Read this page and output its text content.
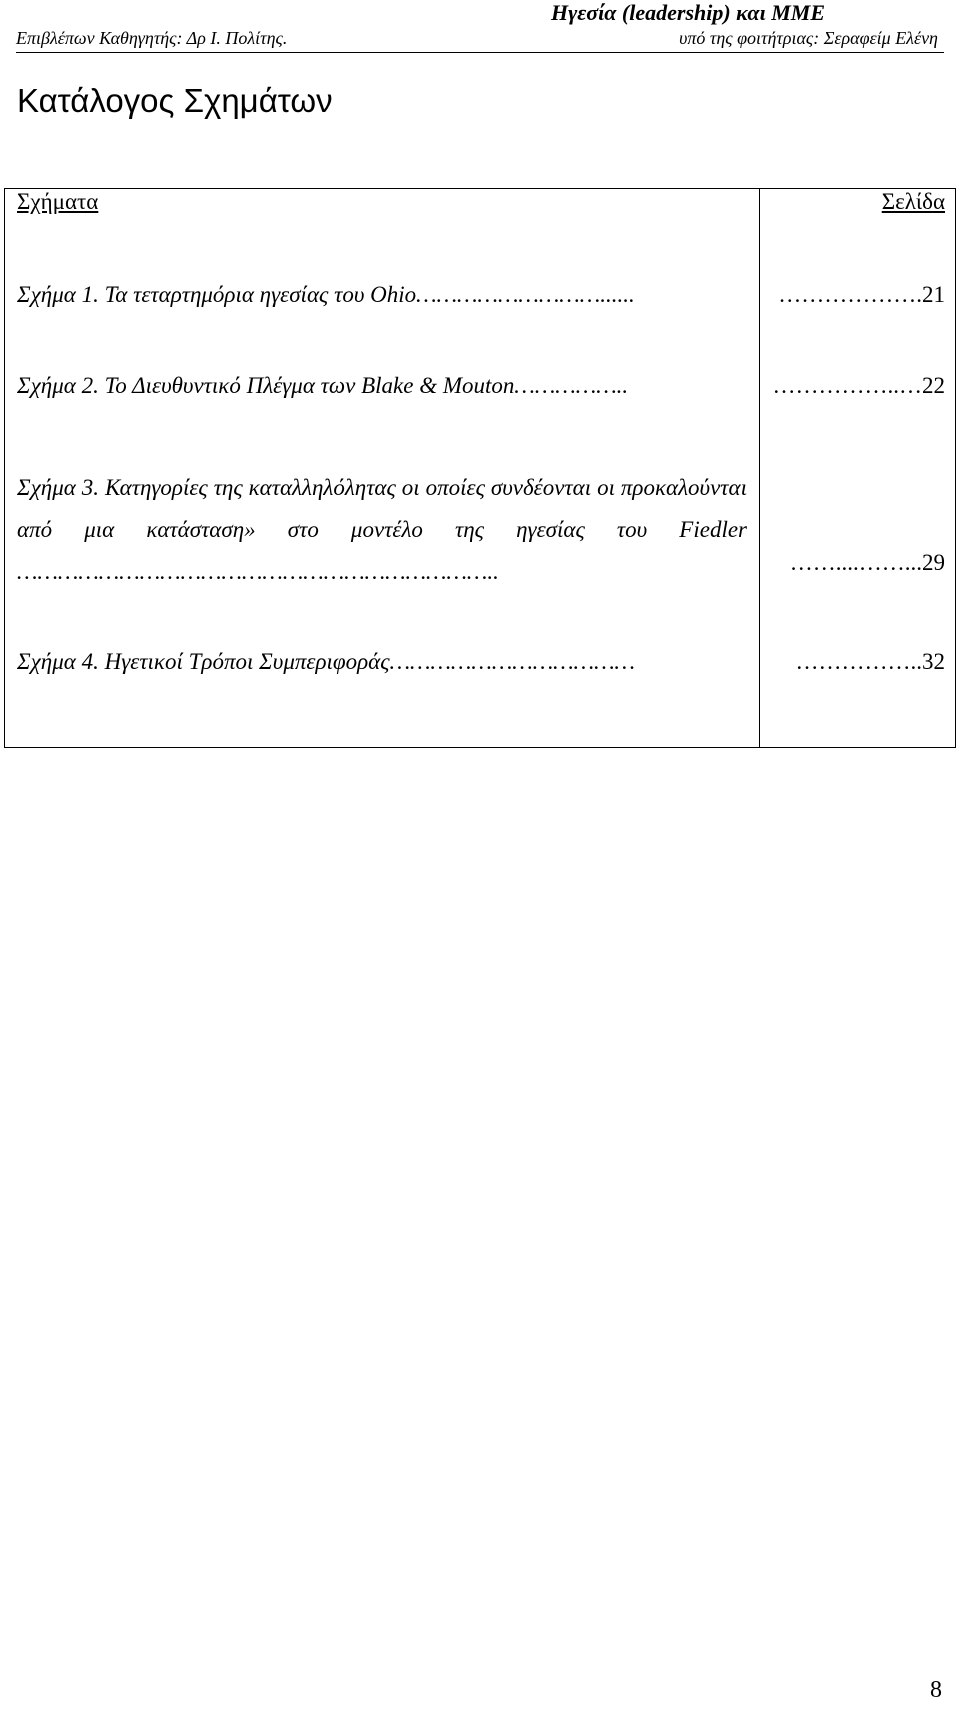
Ηγεσία (leadership) και ΜΜΕ
Επιβλέπων Καθηγητής: Δρ Ι. Πολίτης.	υπό της φοιτήτριας: Σεραφείμ Ελένη
Κατάλογος Σχημάτων
Σχήματα	Σελίδα
Σχήμα 1. Τα τεταρτημόρια ηγεσίας του Ohio………………………......	……………….21
Σχήμα 2. Το Διευθυντικό Πλέγμα των Blake & Mouton……………..	……………..…22
Σχήμα 3. Κατηγορίες της καταλληλόλητας οι οποίες συνδέονται οι προκαλούνται από μια κατάσταση» στο μοντέλο της ηγεσίας του Fiedler ……………………………………………………………..	……....……...29
Σχήμα 4. Ηγετικοί Τρόποι Συμπεριφοράς………………………………	……………..32
8
